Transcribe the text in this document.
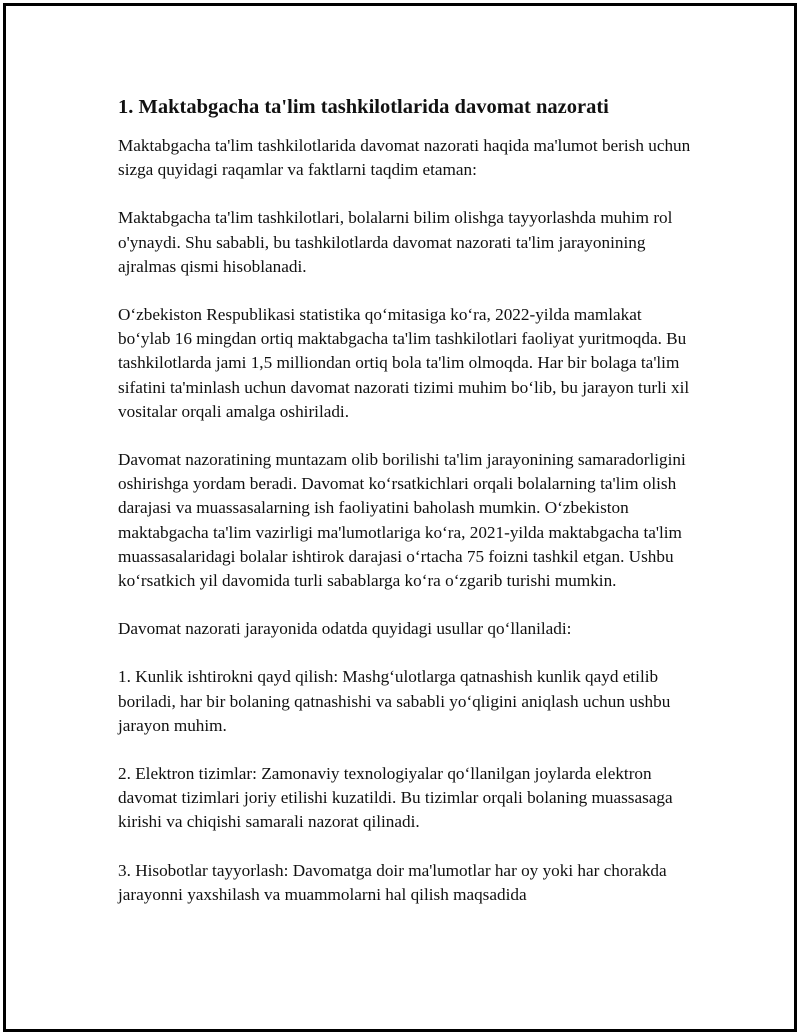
1. Maktabgacha ta'lim tashkilotlarida davomat nazorati

Maktabgacha ta'lim tashkilotlarida davomat nazorati haqida ma'lumot berish uchun sizga quyidagi raqamlar va faktlarni taqdim etaman:

Maktabgacha ta'lim tashkilotlari, bolalarni bilim olishga tayyorlashda muhim rol o'ynaydi. Shu sababli, bu tashkilotlarda davomat nazorati ta'lim jarayonining ajralmas qismi hisoblanadi.

O‘zbekiston Respublikasi statistika qo‘mitasiga ko‘ra, 2022-yilda mamlakat bo‘ylab 16 mingdan ortiq maktabgacha ta'lim tashkilotlari faoliyat yuritmoqda. Bu tashkilotlarda jami 1,5 milliondan ortiq bola ta'lim olmoqda. Har bir bolaga ta'lim sifatini ta'minlash uchun davomat nazorati tizimi muhim bo‘lib, bu jarayon turli xil vositalar orqali amalga oshiriladi.

Davomat nazoratining muntazam olib borilishi ta'lim jarayonining samaradorligini oshirishga yordam beradi. Davomat ko‘rsatkichlari orqali bolalarning ta'lim olish darajasi va muassasalarning ish faoliyatini baholash mumkin. O‘zbekiston maktabgacha ta'lim vazirligi ma'lumotlariga ko‘ra, 2021-yilda maktabgacha ta'lim muassasalaridagi bolalar ishtirok darajasi o‘rtacha 75 foizni tashkil etgan. Ushbu ko‘rsatkich yil davomida turli sabablarga ko‘ra o‘zgarib turishi mumkin.

Davomat nazorati jarayonida odatda quyidagi usullar qo‘llaniladi:

1. Kunlik ishtirokni qayd qilish: Mashg‘ulotlarga qatnashish kunlik qayd etilib boriladi, har bir bolaning qatnashishi va sababli yo‘qligini aniqlash uchun ushbu jarayon muhim.

2. Elektron tizimlar: Zamonaviy texnologiyalar qo‘llanilgan joylarda elektron davomat tizimlari joriy etilishi kuzatildi. Bu tizimlar orqali bolaning muassasaga kirishi va chiqishi samarali nazorat qilinadi.

3. Hisobotlar tayyorlash: Davomatga doir ma'lumotlar har oy yoki har chorakda jarayonni yaxshilash va muammolarni hal qilish maqsadida
